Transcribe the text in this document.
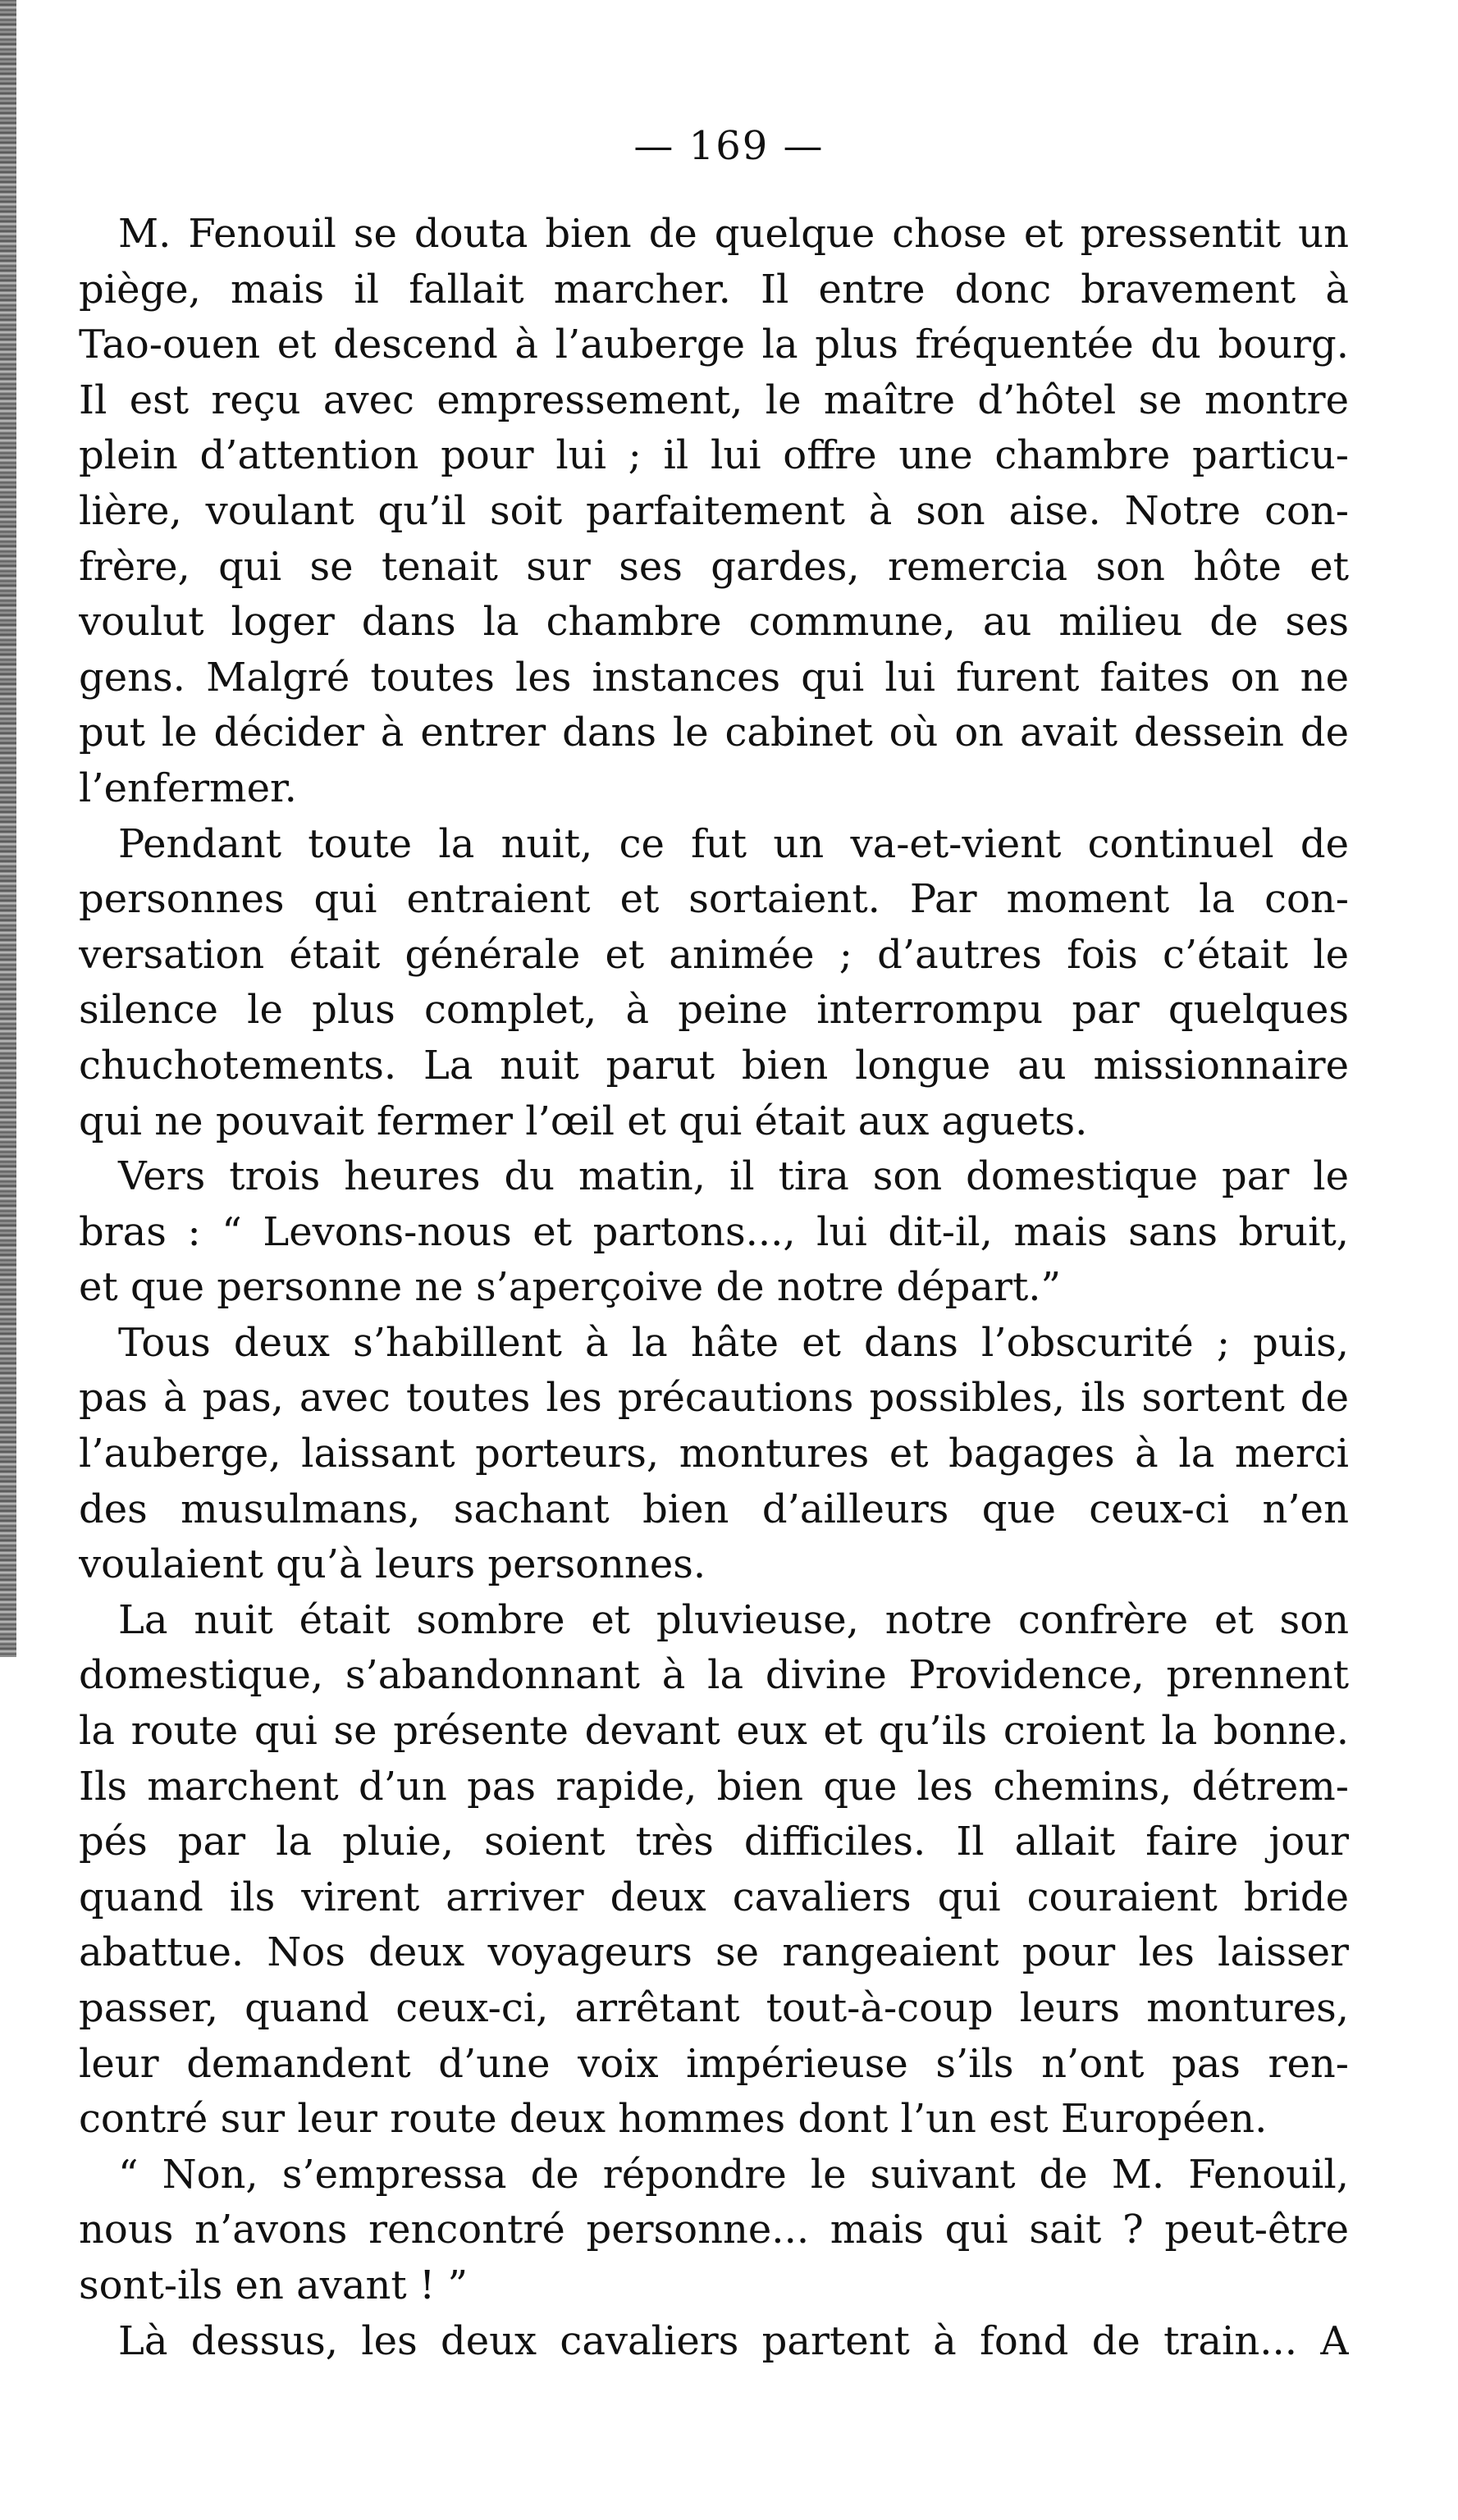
— 169 —
M. Fenouil se douta bien de quelque chose et pressentit un
piège, mais il fallait marcher. Il entre donc bravement à
Tao-ouen et descend à l’auberge la plus fréquentée du bourg.
Il est reçu avec empressement, le maître d’hôtel se montre
plein d’attention pour lui ; il lui offre une chambre particu-
lière, voulant qu’il soit parfaitement à son aise. Notre con-
frère, qui se tenait sur ses gardes, remercia son hôte et
voulut loger dans la chambre commune, au milieu de ses
gens. Malgré toutes les instances qui lui furent faites on ne
put le décider à entrer dans le cabinet où on avait dessein de
l’enfermer.
Pendant toute la nuit, ce fut un va-et-vient continuel de
personnes qui entraient et sortaient. Par moment la con-
versation était générale et animée ; d’autres fois c’était le
silence le plus complet, à peine interrompu par quelques
chuchotements. La nuit parut bien longue au missionnaire
qui ne pouvait fermer l’œil et qui était aux aguets.
Vers trois heures du matin, il tira son domestique par le
bras : “ Levons-nous et partons..., lui dit-il, mais sans bruit,
et que personne ne s’aperçoive de notre départ.”
Tous deux s’habillent à la hâte et dans l’obscurité ; puis,
pas à pas, avec toutes les précautions possibles, ils sortent de
l’auberge, laissant porteurs, montures et bagages à la merci
des musulmans, sachant bien d’ailleurs que ceux-ci n’en
voulaient qu’à leurs personnes.
La nuit était sombre et pluvieuse, notre confrère et son
domestique, s’abandonnant à la divine Providence, prennent
la route qui se présente devant eux et qu’ils croient la bonne.
Ils marchent d’un pas rapide, bien que les chemins, détrem-
pés par la pluie, soient très difficiles. Il allait faire jour
quand ils virent arriver deux cavaliers qui couraient bride
abattue. Nos deux voyageurs se rangeaient pour les laisser
passer, quand ceux-ci, arrêtant tout-à-coup leurs montures,
leur demandent d’une voix impérieuse s’ils n’ont pas ren-
contré sur leur route deux hommes dont l’un est Européen.
“ Non, s’empressa de répondre le suivant de M. Fenouil,
nous n’avons rencontré personne... mais qui sait ? peut-être
sont-ils en avant ! ”
Là dessus, les deux cavaliers partent à fond de train... A
